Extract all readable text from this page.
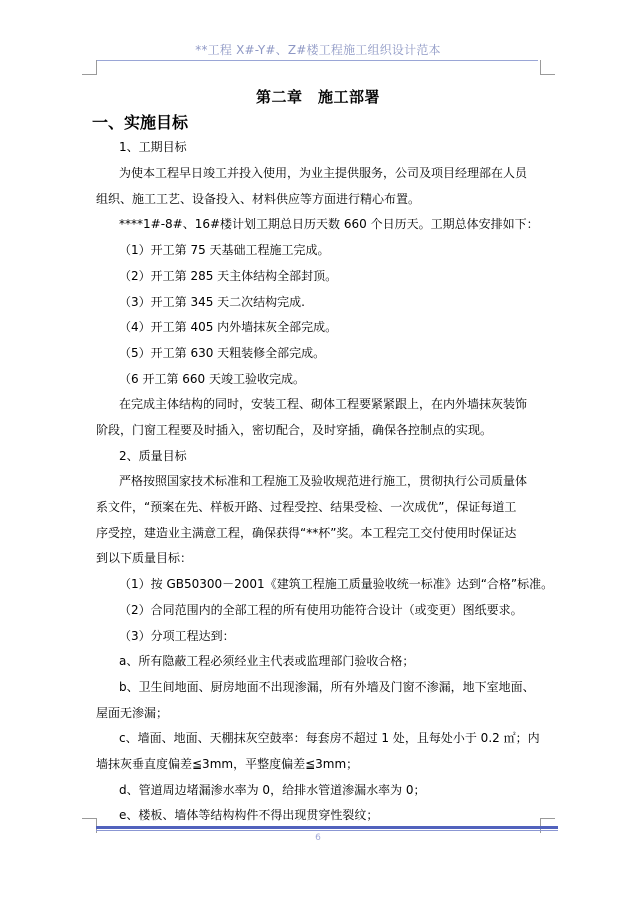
**工程 X#-Y#、Z#楼工程施工组织设计范本
第二章　施工部署
一、实施目标
1、工期目标
为使本工程早日竣工并投入使用，为业主提供服务，公司及项目经理部在人员
组织、施工工艺、设备投入、材料供应等方面进行精心布置。
****1#-8#、16#楼计划工期总日历天数 660 个日历天。工期总体安排如下：
（1）开工第 75 天基础工程施工完成。
（2）开工第 285 天主体结构全部封顶。
（3）开工第 345 天二次结构完成.
（4）开工第 405 内外墙抹灰全部完成。
（5）开工第 630 天粗装修全部完成。
（6 开工第 660 天竣工验收完成。
在完成主体结构的同时，安装工程、砌体工程要紧紧跟上，在内外墙抹灰装饰
阶段，门窗工程要及时插入，密切配合，及时穿插，确保各控制点的实现。
2、质量目标
严格按照国家技术标准和工程施工及验收规范进行施工，贯彻执行公司质量体
系文件，“预案在先、样板开路、过程受控、结果受检、一次成优”，保证每道工
序受控，建造业主满意工程，确保获得“**杯”奖。本工程完工交付使用时保证达
到以下质量目标：
（1）按 GB50300－2001《建筑工程施工质量验收统一标准》达到“合格”标准。
（2）合同范围内的全部工程的所有使用功能符合设计（或变更）图纸要求。
（3）分项工程达到：
a、所有隐蔽工程必须经业主代表或监理部门验收合格；
b、卫生间地面、厨房地面不出现渗漏，所有外墙及门窗不渗漏，地下室地面、
屋面无渗漏；
c、墙面、地面、天棚抹灰空鼓率：每套房不超过 1 处，且每处小于 0.2 ㎡；内
墙抹灰垂直度偏差≦3mm，平整度偏差≦3mm；
d、管道周边堵漏渗水率为 0，给排水管道渗漏水率为 0；
e、楼板、墙体等结构构件不得出现贯穿性裂纹；
6
